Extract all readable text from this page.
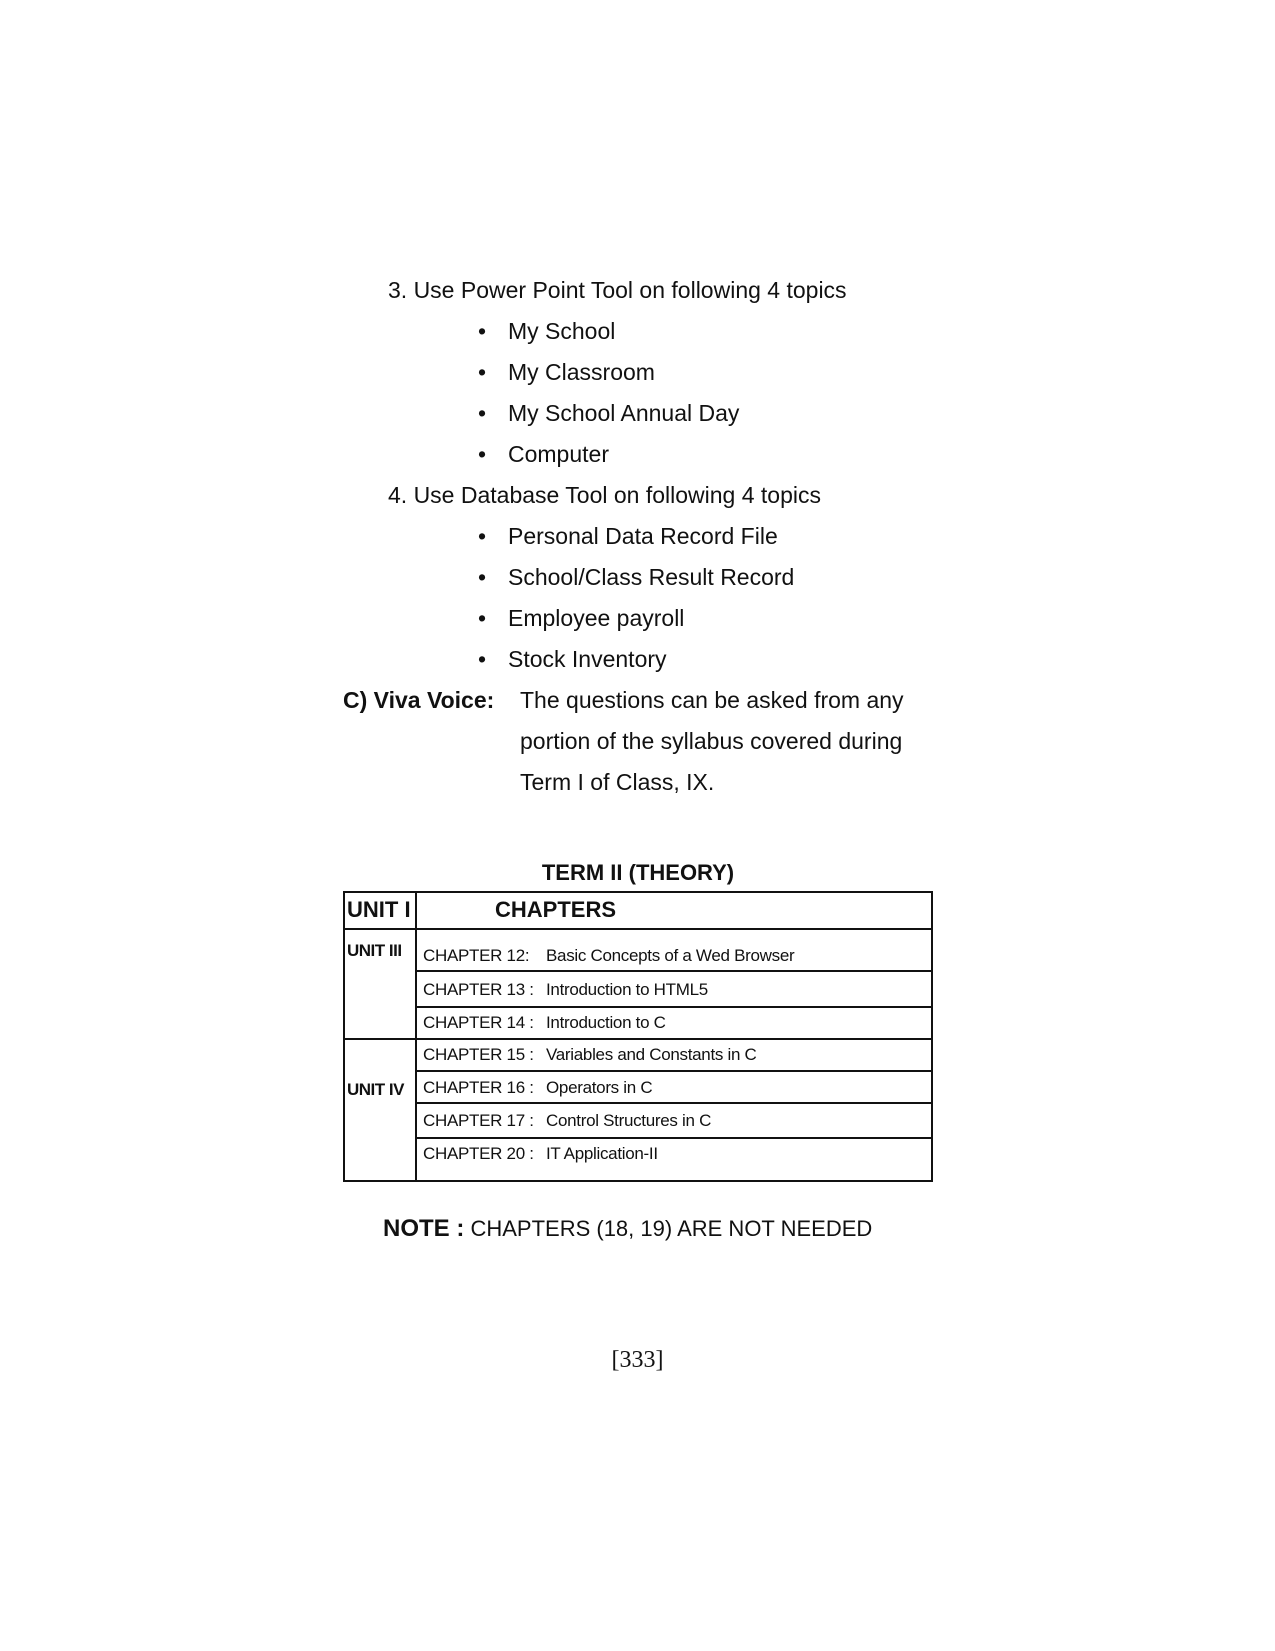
3. Use Power Point Tool on following 4 topics
• My School
• My Classroom
• My School Annual Day
• Computer
4. Use Database Tool on following 4 topics
• Personal Data Record File
• School/Class Result Record
• Employee payroll
• Stock Inventory
C) Viva Voice: The questions can be asked from any
portion of the syllabus covered during
Term I of Class, IX.
TERM II (THEORY)
UNIT I	CHAPTERS
UNIT III
UNIT IV
CHAPTER 12: Basic Concepts of a Wed Browser
CHAPTER 13 : Introduction to HTML5
CHAPTER 14 : Introduction to C
CHAPTER 15 : Variables and Constants in C
CHAPTER 16 : Operators in C
CHAPTER 17 : Control Structures in C
CHAPTER 20 : IT Application-II
NOTE : CHAPTERS (18, 19) ARE NOT NEEDED
[333]
